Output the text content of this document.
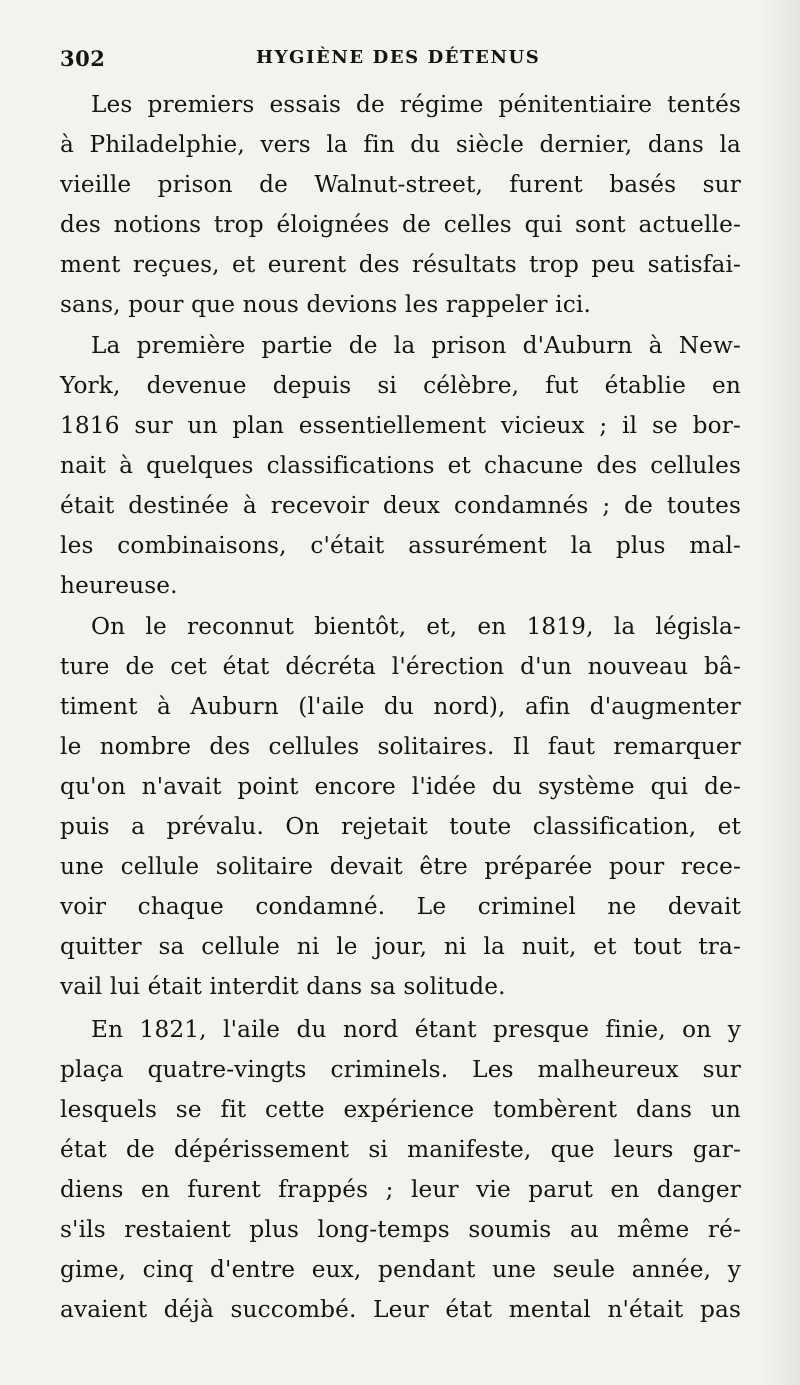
302	HYGIÈNE DES DÉTENUS
Les premiers essais de régime pénitentiaire tentés
à Philadelphie, vers la fin du siècle dernier, dans la
vieille prison de Walnut-street, furent basés sur
des notions trop éloignées de celles qui sont actuelle-
ment reçues, et eurent des résultats trop peu satisfai-
sans, pour que nous devions les rappeler ici.
La première partie de la prison d'Auburn à New-
York, devenue depuis si célèbre, fut établie en
1816 sur un plan essentiellement vicieux ; il se bor-
nait à quelques classifications et chacune des cellules
était destinée à recevoir deux condamnés ; de toutes
les combinaisons, c'était assurément la plus mal-
heureuse.
On le reconnut bientôt, et, en 1819, la législa-
ture de cet état décréta l'érection d'un nouveau bâ-
timent à Auburn (l'aile du nord), afin d'augmenter
le nombre des cellules solitaires. Il faut remarquer
qu'on n'avait point encore l'idée du système qui de-
puis a prévalu. On rejetait toute classification, et
une cellule solitaire devait être préparée pour rece-
voir chaque condamné. Le criminel ne devait
quitter sa cellule ni le jour, ni la nuit, et tout tra-
vail lui était interdit dans sa solitude.
En 1821, l'aile du nord étant presque finie, on y
plaça quatre-vingts criminels. Les malheureux sur
lesquels se fit cette expérience tombèrent dans un
état de dépérissement si manifeste, que leurs gar-
diens en furent frappés ; leur vie parut en danger
s'ils restaient plus long-temps soumis au même ré-
gime, cinq d'entre eux, pendant une seule année, y
avaient déjà succombé. Leur état mental n'était pas
